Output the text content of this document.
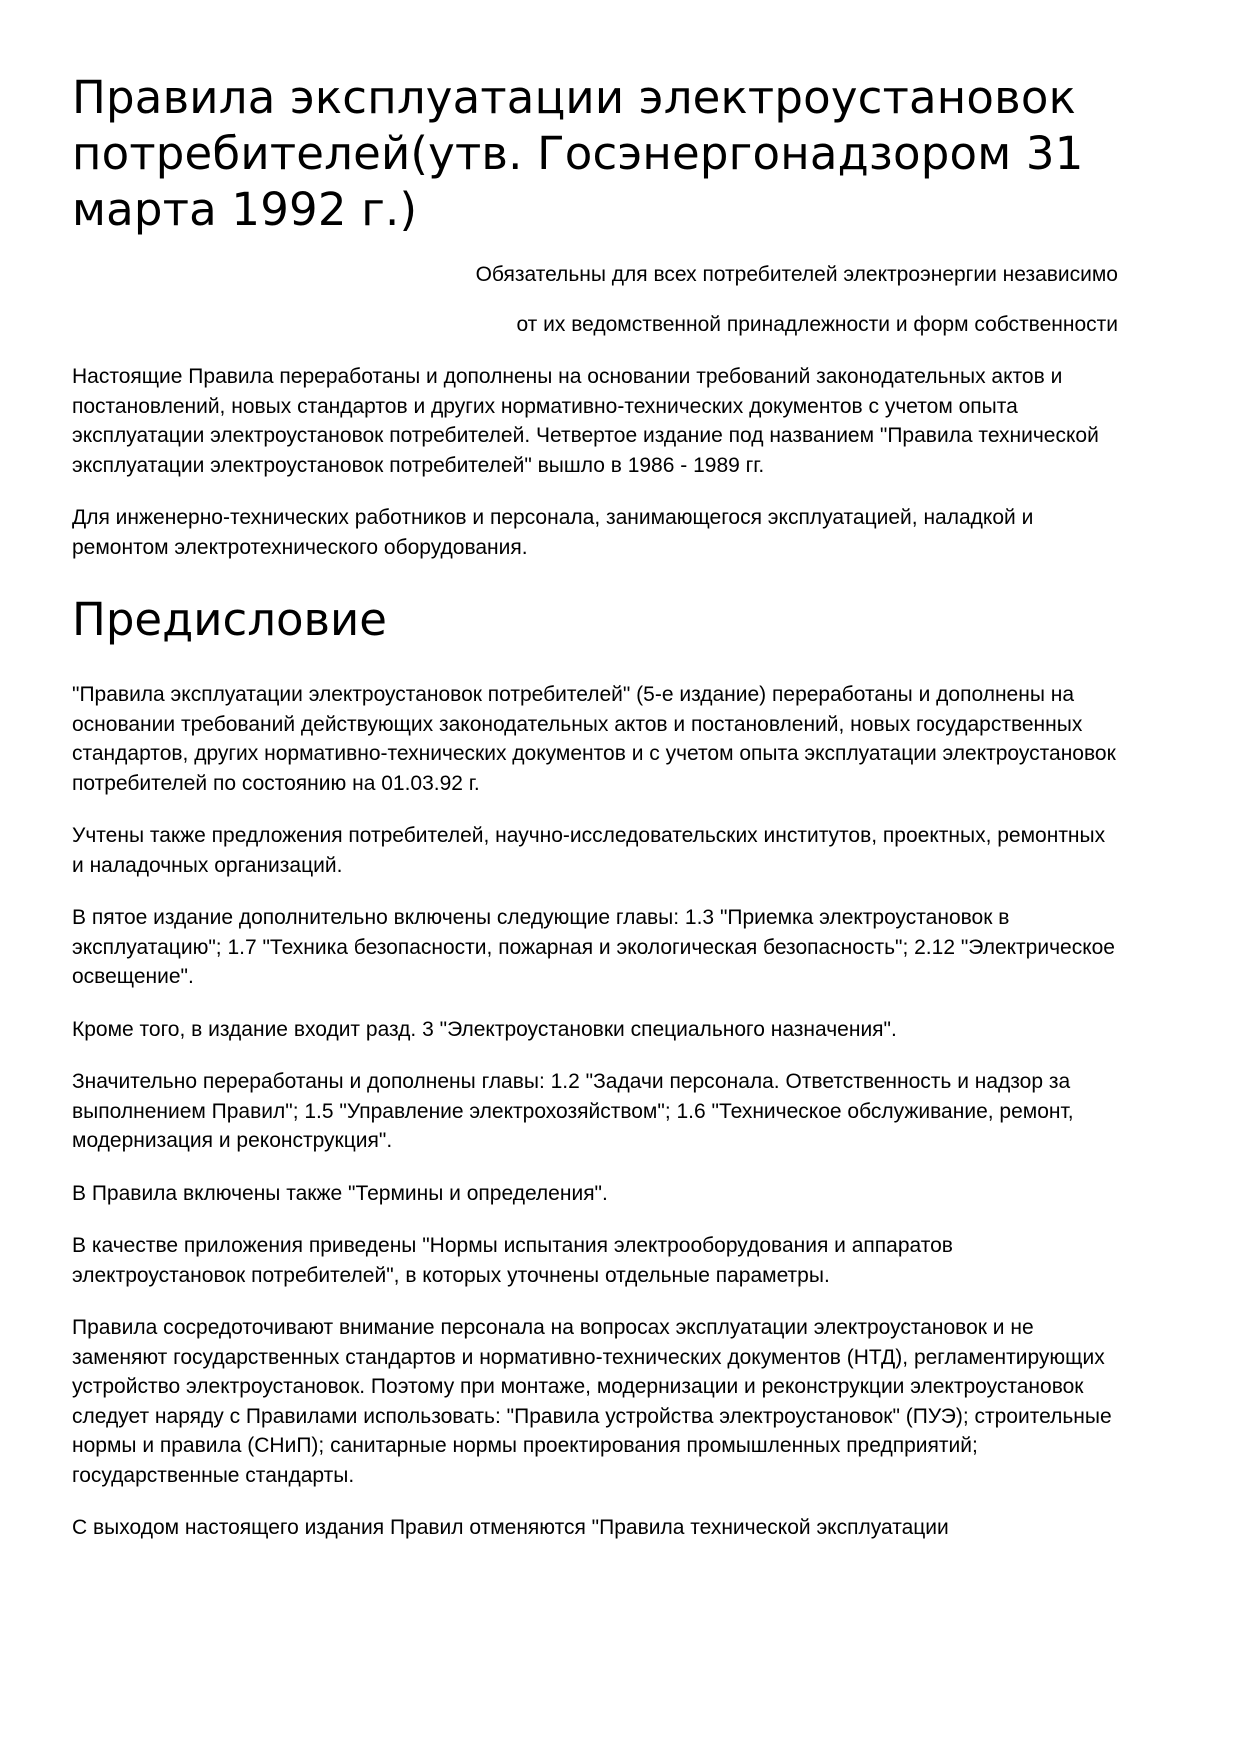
Правила эксплуатации электроустановок потребителей(утв. Госэнергонадзором 31 марта 1992 г.)
Обязательны для всех потребителей электроэнергии независимо
от их ведомственной принадлежности и форм собственности

Настоящие Правила переработаны и дополнены на основании требований законодательных актов и постановлений, новых стандартов и других нормативно-технических документов с учетом опыта эксплуатации электроустановок потребителей. Четвертое издание под названием "Правила технической эксплуатации электроустановок потребителей" вышло в 1986 - 1989 гг.

Для инженерно-технических работников и персонала, занимающегося эксплуатацией, наладкой и ремонтом электротехнического оборудования.

Предисловие

"Правила эксплуатации электроустановок потребителей" (5-е издание) переработаны и дополнены на основании требований действующих законодательных актов и постановлений, новых государственных стандартов, других нормативно-технических документов и с учетом опыта эксплуатации электроустановок потребителей по состоянию на 01.03.92 г.

Учтены также предложения потребителей, научно-исследовательских институтов, проектных, ремонтных и наладочных организаций.

В пятое издание дополнительно включены следующие главы: 1.3 "Приемка электроустановок в эксплуатацию"; 1.7 "Техника безопасности, пожарная и экологическая безопасность"; 2.12 "Электрическое освещение".

Кроме того, в издание входит разд. 3 "Электроустановки специального назначения".

Значительно переработаны и дополнены главы: 1.2 "Задачи персонала. Ответственность и надзор за выполнением Правил"; 1.5 "Управление электрохозяйством"; 1.6 "Техническое обслуживание, ремонт, модернизация и реконструкция".

В Правила включены также "Термины и определения".

В качестве приложения приведены "Нормы испытания электрооборудования и аппаратов электроустановок потребителей", в которых уточнены отдельные параметры.

Правила сосредоточивают внимание персонала на вопросах эксплуатации электроустановок и не заменяют государственных стандартов и нормативно-технических документов (НТД), регламентирующих устройство электроустановок. Поэтому при монтаже, модернизации и реконструкции электроустановок следует наряду с Правилами использовать: "Правила устройства электроустановок" (ПУЭ); строительные нормы и правила (СНиП); санитарные нормы проектирования промышленных предприятий; государственные стандарты.

С выходом настоящего издания Правил отменяются "Правила технической эксплуатации
